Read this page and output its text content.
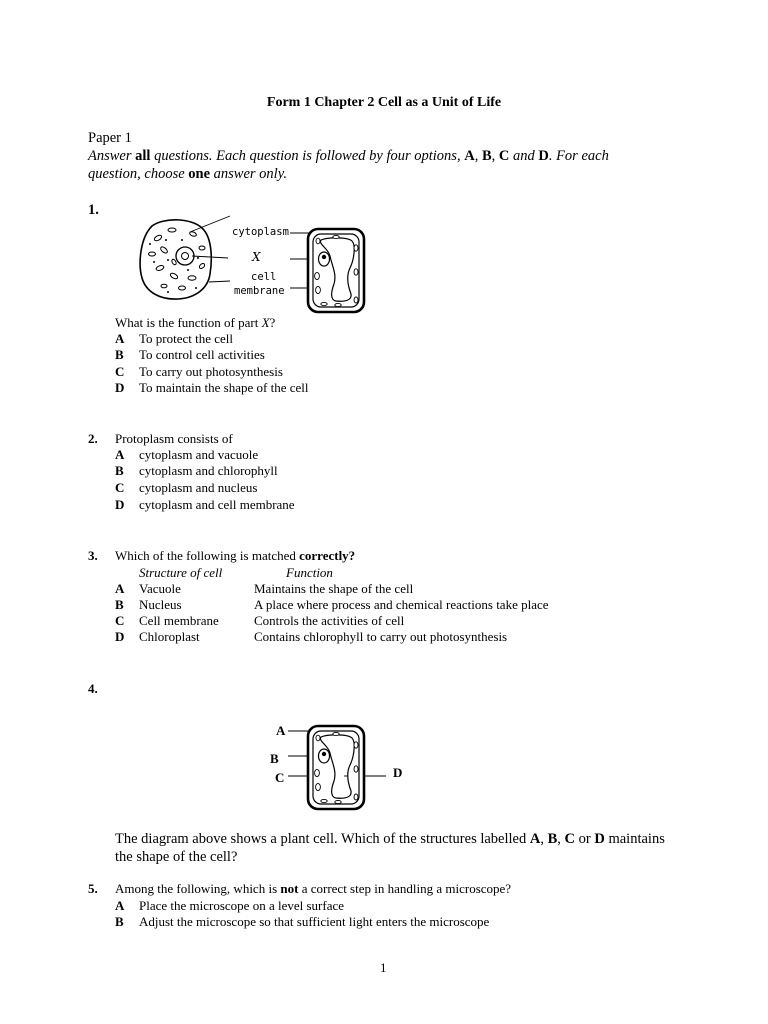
Form 1 Chapter 2 Cell as a Unit of Life
Paper 1
Answer all questions. Each question is followed by four options, A, B, C and D. For each
question, choose one answer only.
1.
cytoplasm
X
cell
membrane
What is the function of part X?
A To protect the cell
B To control cell activities
C To carry out photosynthesis
D To maintain the shape of the cell
2. Protoplasm consists of
A cytoplasm and vacuole
B cytoplasm and chlorophyll
C cytoplasm and nucleus
D cytoplasm and cell membrane
3. Which of the following is matched correctly?
Structure of cell	Function
A Vacuole	Maintains the shape of the cell
B Nucleus	A place where process and chemical reactions take place
C Cell membrane	Controls the activities of cell
D Chloroplast	Contains chlorophyll to carry out photosynthesis
4.
A
B
C	D
The diagram above shows a plant cell. Which of the structures labelled A, B, C or D maintains
the shape of the cell?
5. Among the following, which is not a correct step in handling a microscope?
A Place the microscope on a level surface
B Adjust the microscope so that sufficient light enters the microscope
1
